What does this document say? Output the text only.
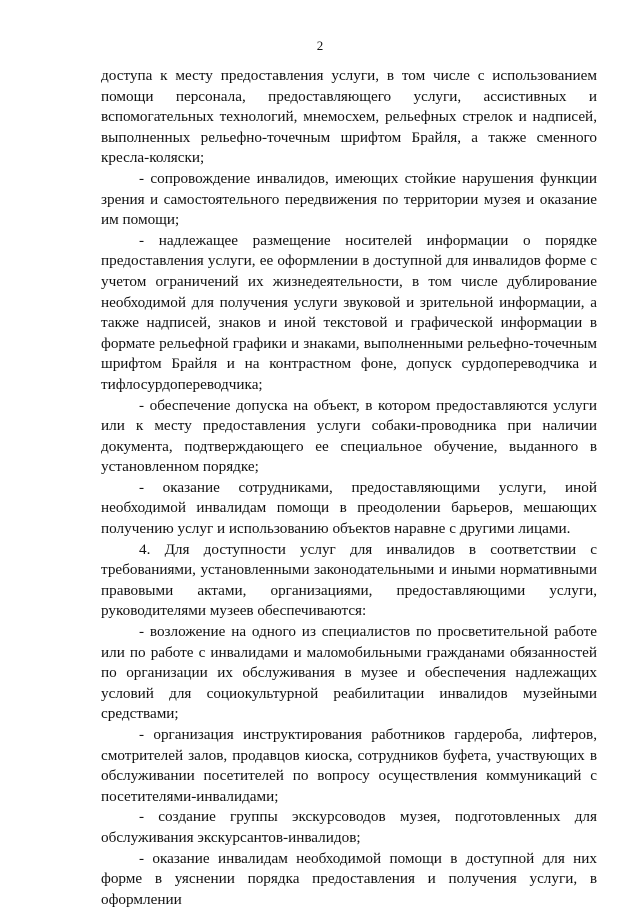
2

доступа к месту предоставления услуги, в том числе с использованием помощи персонала, предоставляющего услуги, ассистивных и вспомогательных технологий, мнемосхем, рельефных стрелок и надписей, выполненных рельефно-точечным шрифтом Брайля, а также сменного кресла-коляски;

- сопровождение инвалидов, имеющих стойкие нарушения функции зрения и самостоятельного передвижения по территории музея и оказание им помощи;

- надлежащее размещение носителей информации о порядке предоставления услуги, ее оформлении в доступной для инвалидов форме с учетом ограничений их жизнедеятельности, в том числе дублирование необходимой для получения услуги звуковой и зрительной информации, а также надписей, знаков и иной текстовой и графической информации в формате рельефной графики и знаками, выполненными рельефно-точечным шрифтом Брайля и на контрастном фоне, допуск сурдопереводчика и тифлосурдопереводчика;

- обеспечение допуска на объект, в котором предоставляются услуги или к месту предоставления услуги собаки-проводника при наличии документа, подтверждающего ее специальное обучение, выданного в установленном порядке;

- оказание сотрудниками, предоставляющими услуги, иной необходимой инвалидам помощи в преодолении барьеров, мешающих получению услуг и использованию объектов наравне с другими лицами.

4. Для доступности услуг для инвалидов в соответствии с требованиями, установленными законодательными и иными нормативными правовыми актами, организациями, предоставляющими услуги, руководителями музеев обеспечиваются:

- возложение на одного из специалистов по просветительной работе или по работе с инвалидами и маломобильными гражданами обязанностей по организации их обслуживания в музее и обеспечения надлежащих условий для социокультурной реабилитации инвалидов музейными средствами;

- организация инструктирования работников гардероба, лифтеров, смотрителей залов, продавцов киоска, сотрудников буфета, участвующих в обслуживании посетителей по вопросу осуществления коммуникаций с посетителями-инвалидами;

- создание группы экскурсоводов музея, подготовленных для обслуживания экскурсантов-инвалидов;

- оказание инвалидам необходимой помощи в доступной для них форме в уяснении порядка предоставления и получения услуги, в оформлении
